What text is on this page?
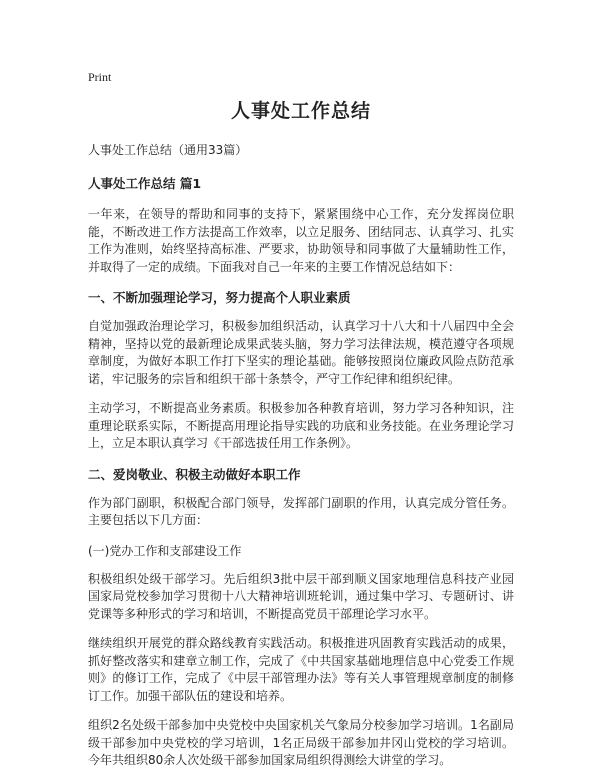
Print
人事处工作总结
人事处工作总结（通用33篇）
人事处工作总结 篇1

一年来，在领导的帮助和同事的支持下，紧紧围绕中心工作，充分发挥岗位职能，不断改进工作方法提高工作效率，以立足服务、团结同志、认真学习、扎实工作为准则，始终坚持高标准、严要求，协助领导和同事做了大量辅助性工作，并取得了一定的成绩。下面我对自己一年来的主要工作情况总结如下：

一、不断加强理论学习，努力提高个人职业素质

自觉加强政治理论学习，积极参加组织活动，认真学习十八大和十八届四中全会精神，坚持以党的最新理论成果武装头脑，努力学习法律法规，模范遵守各项规章制度，为做好本职工作打下坚实的理论基础。能够按照岗位廉政风险点防范承诺，牢记服务的宗旨和组织干部十条禁令，严守工作纪律和组织纪律。

主动学习，不断提高业务素质。积极参加各种教育培训，努力学习各种知识，注重理论联系实际，不断提高用理论指导实践的功底和业务技能。在业务理论学习上，立足本职认真学习《干部选拔任用工作条例》。

二、爱岗敬业、积极主动做好本职工作

作为部门副职，积极配合部门领导，发挥部门副职的作用，认真完成分管任务。主要包括以下几方面：

(一)党办工作和支部建设工作

积极组织处级干部学习。先后组织3批中层干部到顺义国家地理信息科技产业园国家局党校参加学习贯彻十八大精神培训班轮训，通过集中学习、专题研讨、讲党课等多种形式的学习和培训，不断提高党员干部理论学习水平。

继续组织开展党的群众路线教育实践活动。积极推进巩固教育实践活动的成果，抓好整改落实和建章立制工作，完成了《中共国家基础地理信息中心党委工作规则》的修订工作，完成了《中层干部管理办法》等有关人事管理规章制度的制修订工作。加强干部队伍的建设和培养。

组织2名处级干部参加中央党校中央国家机关气象局分校参加学习培训。1名副局级干部参加中央党校的学习培训，1名正局级干部参加井冈山党校的学习培训。今年共组织80余人次处级干部参加国家局组织得测绘大讲堂的学习。
